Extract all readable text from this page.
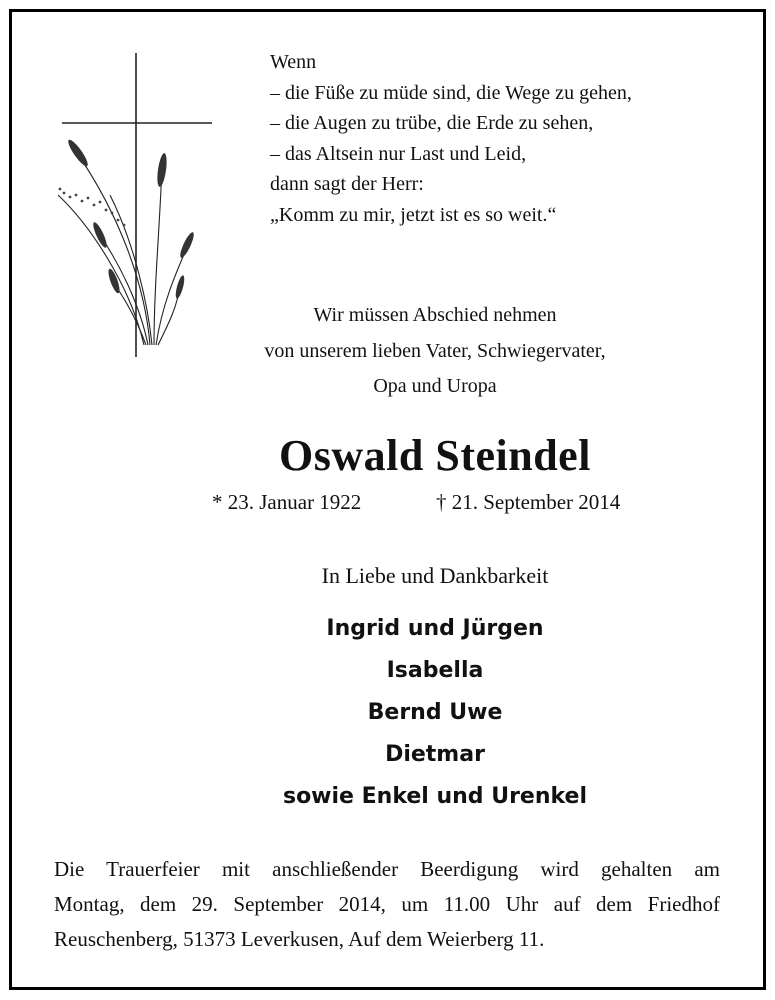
Wenn
– die Füße zu müde sind, die Wege zu gehen,
– die Augen zu trübe, die Erde zu sehen,
– das Altsein nur Last und Leid,
dann sagt der Herr:
„Komm zu mir, jetzt ist es so weit.“
Wir müssen Abschied nehmen
von unserem lieben Vater, Schwiegervater,
Opa und Uropa
Oswald Steindel
* 23. Januar 1922	† 21. September 2014
In Liebe und Dankbarkeit
Ingrid und Jürgen
Isabella
Bernd Uwe
Dietmar
sowie Enkel und Urenkel
Die Trauerfeier mit anschließender Beerdigung wird gehalten am
Montag, dem 29. September 2014, um 11.00 Uhr auf dem Friedhof
Reuschenberg, 51373 Leverkusen, Auf dem Weierberg 11.
